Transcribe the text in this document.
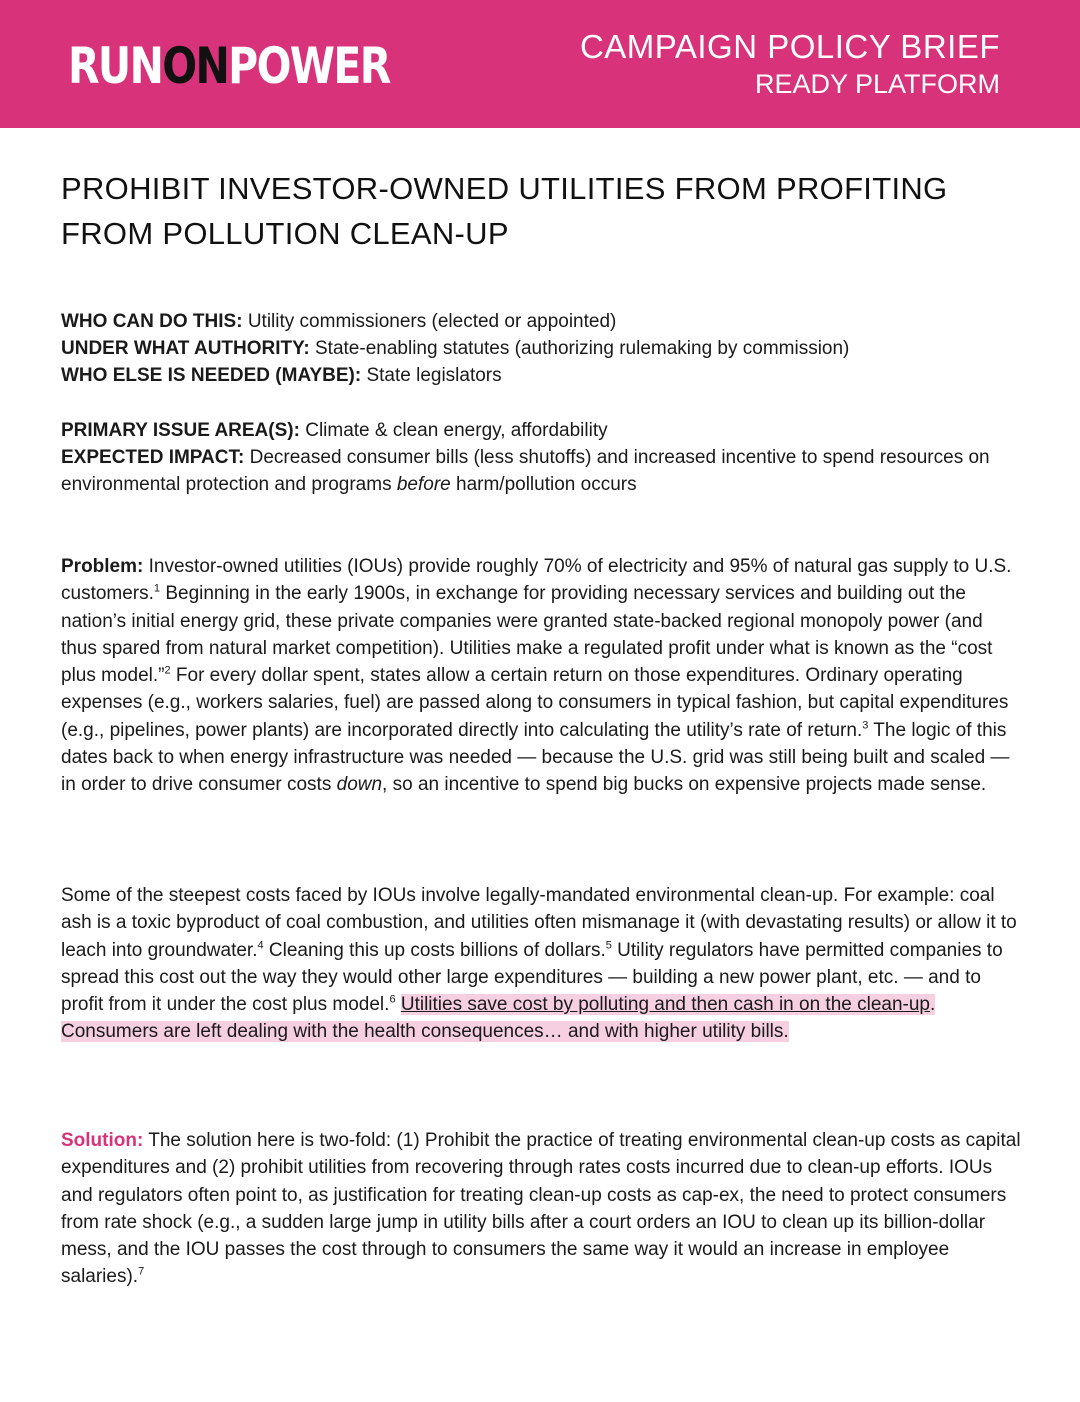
RUNONPOWER	CAMPAIGN POLICY BRIEF
READY PLATFORM
PROHIBIT INVESTOR-OWNED UTILITIES FROM PROFITING FROM POLLUTION CLEAN-UP
WHO CAN DO THIS: Utility commissioners (elected or appointed)
UNDER WHAT AUTHORITY: State-enabling statutes (authorizing rulemaking by commission)
WHO ELSE IS NEEDED (MAYBE): State legislators
PRIMARY ISSUE AREA(S): Climate & clean energy, affordability
EXPECTED IMPACT: Decreased consumer bills (less shutoffs) and increased incentive to spend resources on environmental protection and programs before harm/pollution occurs
Problem: Investor-owned utilities (IOUs) provide roughly 70% of electricity and 95% of natural gas supply to U.S. customers.$^1$ Beginning in the early 1900s, in exchange for providing necessary services and building out the nation’s initial energy grid, these private companies were granted state-backed regional monopoly power (and thus spared from natural market competition). Utilities make a regulated profit under what is known as the “cost plus model.”$^2$ For every dollar spent, states allow a certain return on those expenditures. Ordinary operating expenses (e.g., workers salaries, fuel) are passed along to consumers in typical fashion, but capital expenditures (e.g., pipelines, power plants) are incorporated directly into calculating the utility’s rate of return.$^3$ The logic of this dates back to when energy infrastructure was needed — because the U.S. grid was still being built and scaled — in order to drive consumer costs down, so an incentive to spend big bucks on expensive projects made sense.
Some of the steepest costs faced by IOUs involve legally-mandated environmental clean-up. For example: coal ash is a toxic byproduct of coal combustion, and utilities often mismanage it (with devastating results) or allow it to leach into groundwater.$^4$ Cleaning this up costs billions of dollars.$^5$ Utility regulators have permitted companies to spread this cost out the way they would other large expenditures — building a new power plant, etc. — and to profit from it under the cost plus model.$^6$ Utilities save cost by polluting and then cash in on the clean-up. Consumers are left dealing with the health consequences… and with higher utility bills.
Solution: The solution here is two-fold: (1) Prohibit the practice of treating environmental clean-up costs as capital expenditures and (2) prohibit utilities from recovering through rates costs incurred due to clean-up efforts. IOUs and regulators often point to, as justification for treating clean-up costs as cap-ex, the need to protect consumers from rate shock (e.g., a sudden large jump in utility bills after a court orders an IOU to clean up its billion-dollar mess, and the IOU passes the cost through to consumers the same way it would an increase in employee salaries).$^7$
